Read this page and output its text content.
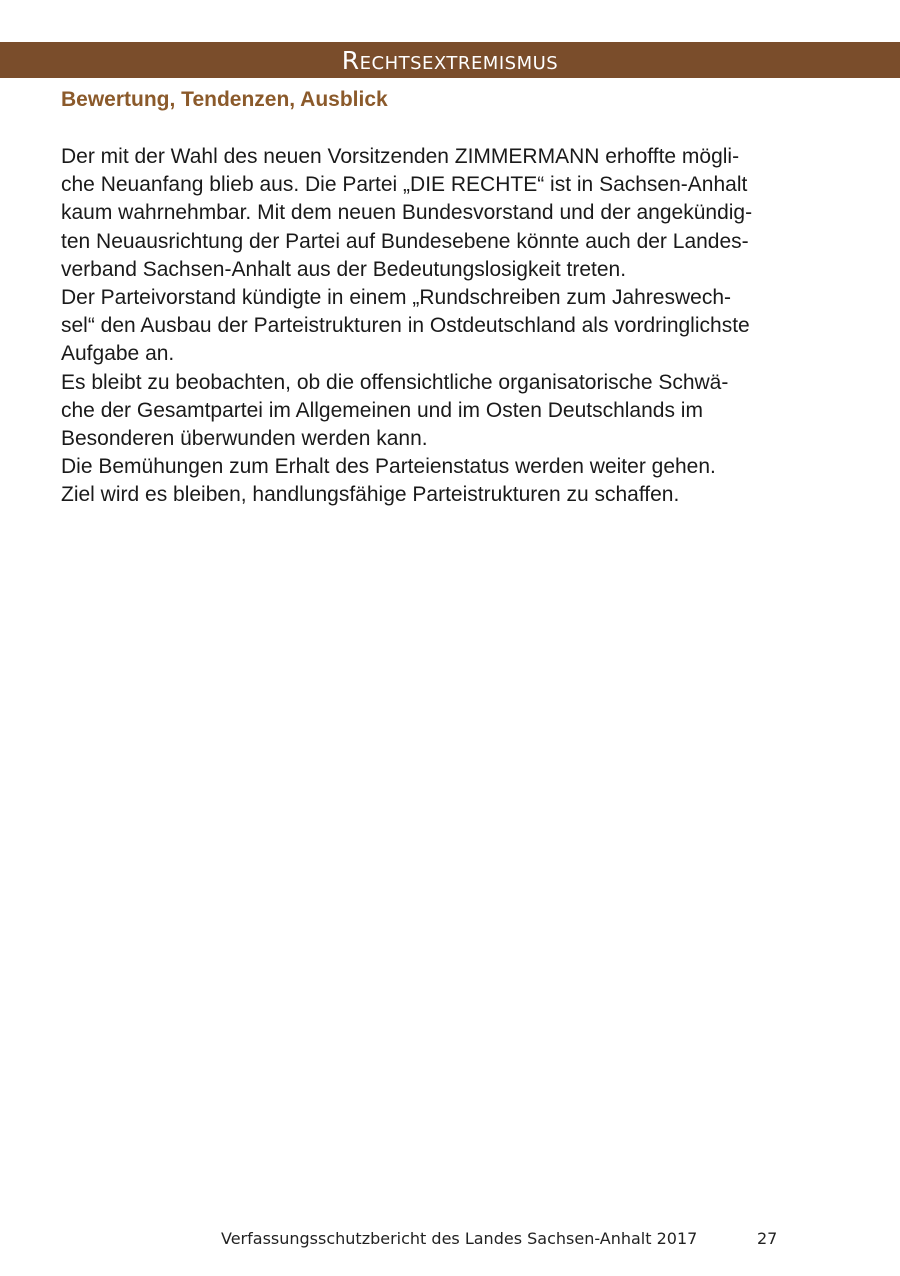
Rechtsextremismus
Bewertung, Tendenzen, Ausblick
Der mit der Wahl des neuen Vorsitzenden ZIMMERMANN erhoffte mögli-
che Neuanfang blieb aus. Die Partei „DIE RECHTE“ ist in Sachsen-Anhalt
kaum wahrnehmbar. Mit dem neuen Bundesvorstand und der angekündig-
ten Neuausrichtung der Partei auf Bundesebene könnte auch der Landes-
verband Sachsen-Anhalt aus der Bedeutungslosigkeit treten.
Der Parteivorstand kündigte in einem „Rundschreiben zum Jahreswech-
sel“ den Ausbau der Parteistrukturen in Ostdeutschland als vordringlichste
Aufgabe an.
Es bleibt zu beobachten, ob die offensichtliche organisatorische Schwä-
che der Gesamtpartei im Allgemeinen und im Osten Deutschlands im
Besonderen überwunden werden kann.
Die Bemühungen zum Erhalt des Parteienstatus werden weiter gehen.
Ziel wird es bleiben, handlungsfähige Parteistrukturen zu schaffen.
Verfassungsschutzbericht des Landes Sachsen-Anhalt 2017	27
